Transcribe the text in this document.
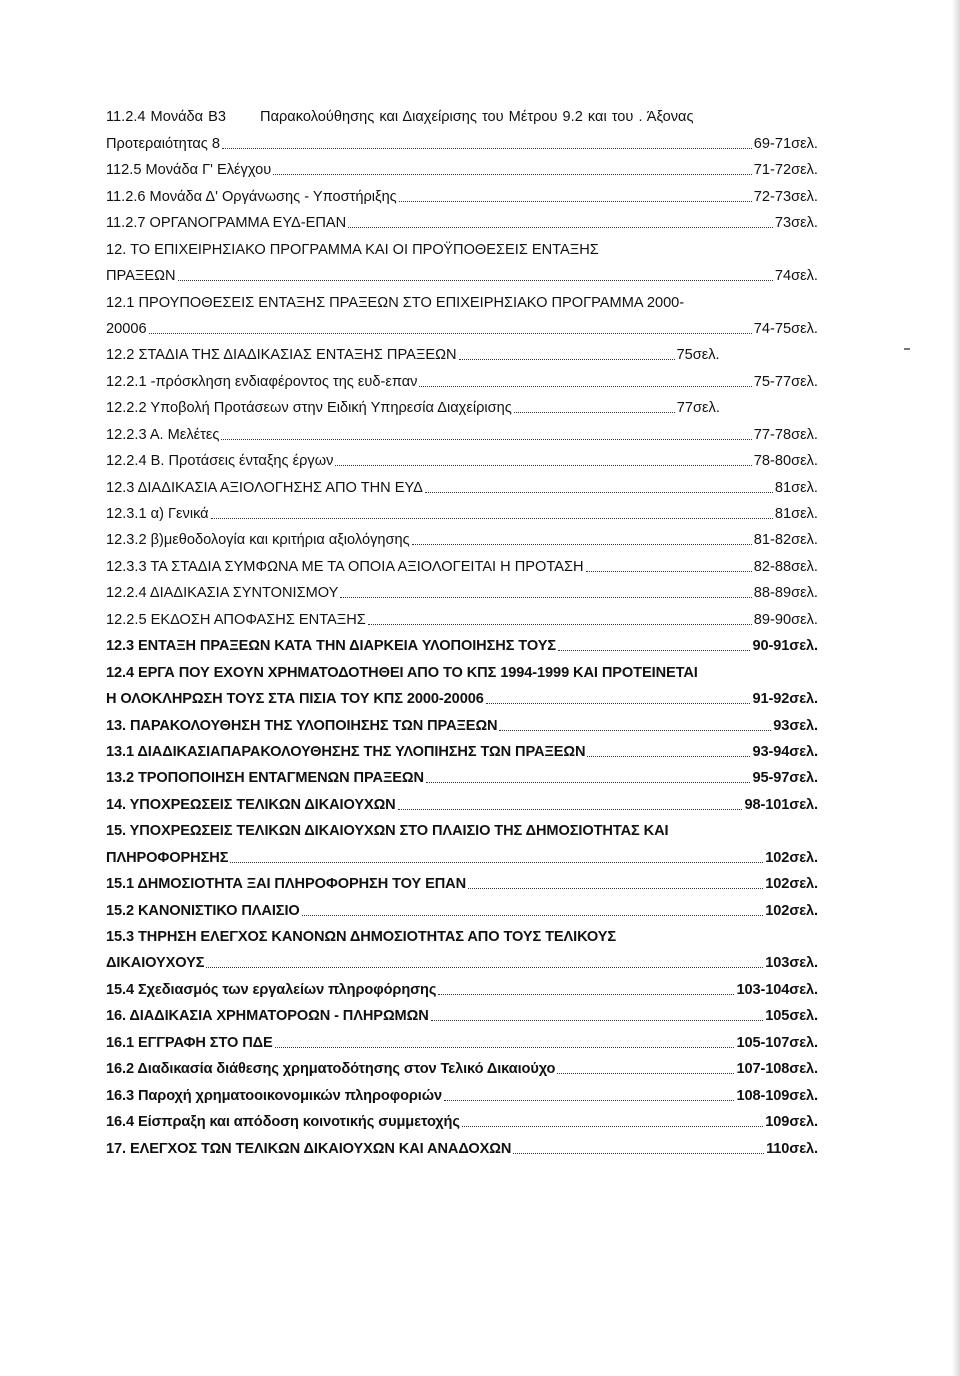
11.2.4 Μονάδα Β3 Παρακολούθησης και Διαχείρισης του Μέτρου 9.2 και του . Άξονας
Προτεραιότητας 8	69-71σελ.
112.5 Μονάδα Γ' Ελέγχου	71-72σελ.
11.2.6 Μονάδα Δ' Οργάνωσης - Υποστήριξης	72-73σελ.
11.2.7 ΟΡΓΑΝΟΓΡΑΜΜΑ ΕΥΔ-ΕΠΑΝ	73σελ.
12. ΤΟ ΕΠΙΧΕΙΡΗΣΙΑΚΟ ΠΡΟΓΡΑΜΜΑ ΚΑΙ ΟΙ ΠΡΟΫΠΟΘΕΣΕΙΣ ΕΝΤΑΞΗΣ
ΠΡΑΞΕΩΝ	74σελ.
12.1 ΠΡΟΥΠΟΘΕΣΕΙΣ ΕΝΤΑΞΗΣ ΠΡΑΞΕΩΝ ΣΤΟ ΕΠΙΧΕΙΡΗΣΙΑΚΟ ΠΡΟΓΡΑΜΜΑ 2000-
20006	74-75σελ.
12.2 ΣΤΑΔΙΑ ΤΗΣ ΔΙΑΔΙΚΑΣΙΑΣ ΕΝΤΑΞΗΣ ΠΡΑΞΕΩΝ	75σελ.
12.2.1 -πρόσκληση ενδιαφέροντος της ευδ-επαν	75-77σελ.
12.2.2 Υποβολή Προτάσεων στην Ειδική Υπηρεσία Διαχείρισης	77σελ.
12.2.3 Α. Μελέτες	77-78σελ.
12.2.4 Β. Προτάσεις ένταξης έργων	78-80σελ.
12.3 ΔΙΑΔΙΚΑΣΙΑ ΑΞΙΟΛΟΓΗΣΗΣ ΑΠΟ ΤΗΝ ΕΥΔ	81σελ.
12.3.1 α) Γενικά	81σελ.
12.3.2 β)μεθοδολογία και κριτήρια αξιολόγησης	81-82σελ.
12.3.3 ΤΑ ΣΤΑΔΙΑ ΣΥΜΦΩΝΑ ΜΕ ΤΑ ΟΠΟΙΑ ΑΞΙΟΛΟΓΕΙΤΑΙ Η ΠΡΟΤΑΣΗ	82-88σελ.
12.2.4 ΔΙΑΔΙΚΑΣΙΑ ΣΥΝΤΟΝΙΣΜΟΥ	88-89σελ.
12.2.5 ΕΚΔΟΣΗ ΑΠΟΦΑΣΗΣ ΕΝΤΑΞΗΣ	89-90σελ.
12.3 ΕΝΤΑΞΗ ΠΡΑΞΕΩΝ ΚΑΤΑ ΤΗΝ ΔΙΑΡΚΕΙΑ ΥΛΟΠΟΙΗΣΗΣ ΤΟΥΣ	90-91σελ.
12.4 ΕΡΓΑ ΠΟΥ ΕΧΟΥΝ ΧΡΗΜΑΤΟΔΟΤΗΘΕΙ ΑΠΟ ΤΟ ΚΠΣ 1994-1999 ΚΑΙ ΠΡΟΤΕΙΝΕΤΑΙ
Η ΟΛΟΚΛΗΡΩΣΗ ΤΟΥΣ ΣΤΑ ΠΙΣΙΑ ΤΟΥ ΚΠΣ 2000-20006	91-92σελ.
13. ΠΑΡΑΚΟΛΟΥΘΗΣΗ ΤΗΣ ΥΛΟΠΟΙΗΣΗΣ ΤΩΝ ΠΡΑΞΕΩΝ	93σελ.
13.1 ΔΙΑΔΙΚΑΣΙΑΠΑΡΑΚΟΛΟΥΘΗΣΗΣ ΤΗΣ ΥΛΟΠΙΗΣΗΣ ΤΩΝ ΠΡΑΞΕΩΝ	93-94σελ.
13.2 ΤΡΟΠΟΠΟΙΗΣΗ ΕΝΤΑΓΜΕΝΩΝ ΠΡΑΞΕΩΝ	95-97σελ.
14. ΥΠΟΧΡΕΩΣΕΙΣ ΤΕΛΙΚΩΝ ΔΙΚΑΙΟΥΧΩΝ	98-101σελ.
15. ΥΠΟΧΡΕΩΣΕΙΣ ΤΕΛΙΚΩΝ ΔΙΚΑΙΟΥΧΩΝ ΣΤΟ ΠΛΑΙΣΙΟ ΤΗΣ ΔΗΜΟΣΙΟΤΗΤΑΣ ΚΑΙ
ΠΛΗΡΟΦΟΡΗΣΗΣ	102σελ.
15.1 ΔΗΜΟΣΙΟΤΗΤΑ ΞΑΙ ΠΛΗΡΟΦΟΡΗΣΗ ΤΟΥ ΕΠΑΝ	102σελ.
15.2 ΚΑΝΟΝΙΣΤΙΚΟ ΠΛΑΙΣΙΟ	102σελ.
15.3 ΤΗΡΗΣΗ ΕΛΕΓΧΟΣ ΚΑΝΟΝΩΝ ΔΗΜΟΣΙΟΤΗΤΑΣ ΑΠΟ ΤΟΥΣ ΤΕΛΙΚΟΥΣ
ΔΙΚΑΙΟΥΧΟΥΣ	103σελ.
15.4 Σχεδιασμός των εργαλείων πληροφόρησης	103-104σελ.
16. ΔΙΑΔΙΚΑΣΙΑ ΧΡΗΜΑΤΟΡΟΩΝ - ΠΛΗΡΩΜΩΝ	105σελ.
16.1 ΕΓΓΡΑΦΗ ΣΤΟ ΠΔΕ	105-107σελ.
16.2 Διαδικασία διάθεσης χρηματοδότησης στον Τελικό Δικαιούχο	107-108σελ.
16.3 Παροχή χρηματοοικονομικών πληροφοριών	108-109σελ.
16.4 Είσπραξη και απόδοση κοινοτικής συμμετοχής	109σελ.
17. ΕΛΕΓΧΟΣ ΤΩΝ ΤΕΛΙΚΩΝ ΔΙΚΑΙΟΥΧΩΝ ΚΑΙ ΑΝΑΔΟΧΩΝ	110σελ.
